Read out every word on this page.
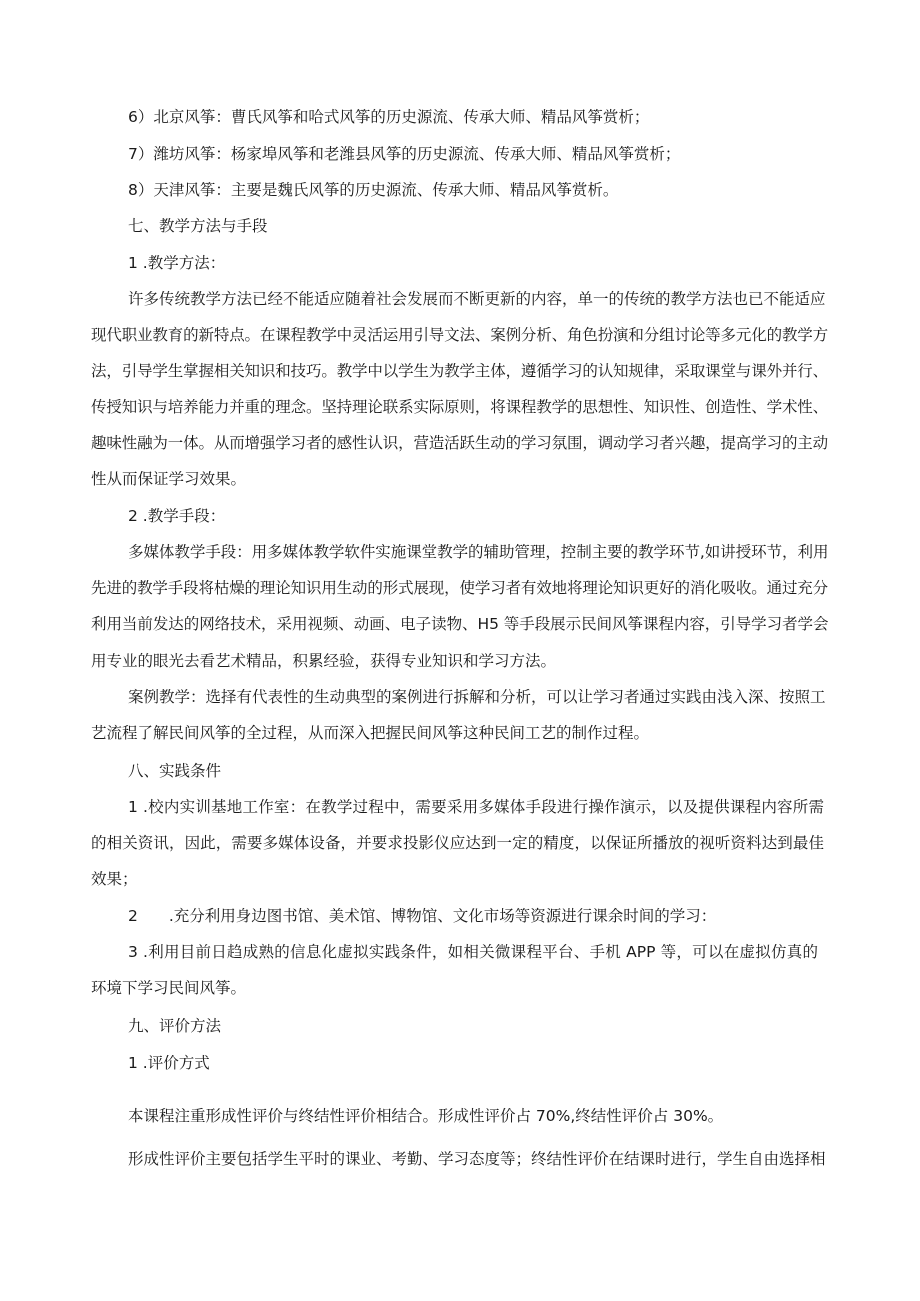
6）北京风筝：曹氏风筝和哈式风筝的历史源流、传承大师、精品风筝赏析；
7）潍坊风筝：杨家埠风筝和老潍县风筝的历史源流、传承大师、精品风筝赏析；
8）天津风筝：主要是魏氏风筝的历史源流、传承大师、精品风筝赏析。
七、教学方法与手段
1 .教学方法：
许多传统教学方法已经不能适应随着社会发展而不断更新的内容，单一的传统的教学方法也已不能适应
现代职业教育的新特点。在课程教学中灵活运用引导文法、案例分析、角色扮演和分组讨论等多元化的教学方
法，引导学生掌握相关知识和技巧。教学中以学生为教学主体，遵循学习的认知规律，采取课堂与课外并行、
传授知识与培养能力并重的理念。坚持理论联系实际原则，将课程教学的思想性、知识性、创造性、学术性、
趣味性融为一体。从而增强学习者的感性认识，营造活跃生动的学习氛围，调动学习者兴趣，提高学习的主动
性从而保证学习效果。
2 .教学手段：
多媒体教学手段：用多媒体教学软件实施课堂教学的辅助管理，控制主要的教学环节,如讲授环节，利用
先进的教学手段将枯燥的理论知识用生动的形式展现，使学习者有效地将理论知识更好的消化吸收。通过充分
利用当前发达的网络技术，采用视频、动画、电子读物、H5 等手段展示民间风筝课程内容，引导学习者学会
用专业的眼光去看艺术精品，积累经验，获得专业知识和学习方法。
案例教学：选择有代表性的生动典型的案例进行拆解和分析，可以让学习者通过实践由浅入深、按照工
艺流程了解民间风筝的全过程，从而深入把握民间风筝这种民间工艺的制作过程。
八、实践条件
1 .校内实训基地工作室：在教学过程中，需要采用多媒体手段进行操作演示，以及提供课程内容所需
的相关资讯，因此，需要多媒体设备，并要求投影仪应达到一定的精度，以保证所播放的视听资料达到最佳
效果；
2　　.充分利用身边图书馆、美术馆、博物馆、文化市场等资源进行课余时间的学习：
3 .利用目前日趋成熟的信息化虚拟实践条件，如相关微课程平台、手机 APP 等，可以在虚拟仿真的
环境下学习民间风筝。
九、评价方法
1 .评价方式
本课程注重形成性评价与终结性评价相结合。形成性评价占 70%,终结性评价占 30%。
形成性评价主要包括学生平时的课业、考勤、学习态度等；终结性评价在结课时进行，学生自由选择相
